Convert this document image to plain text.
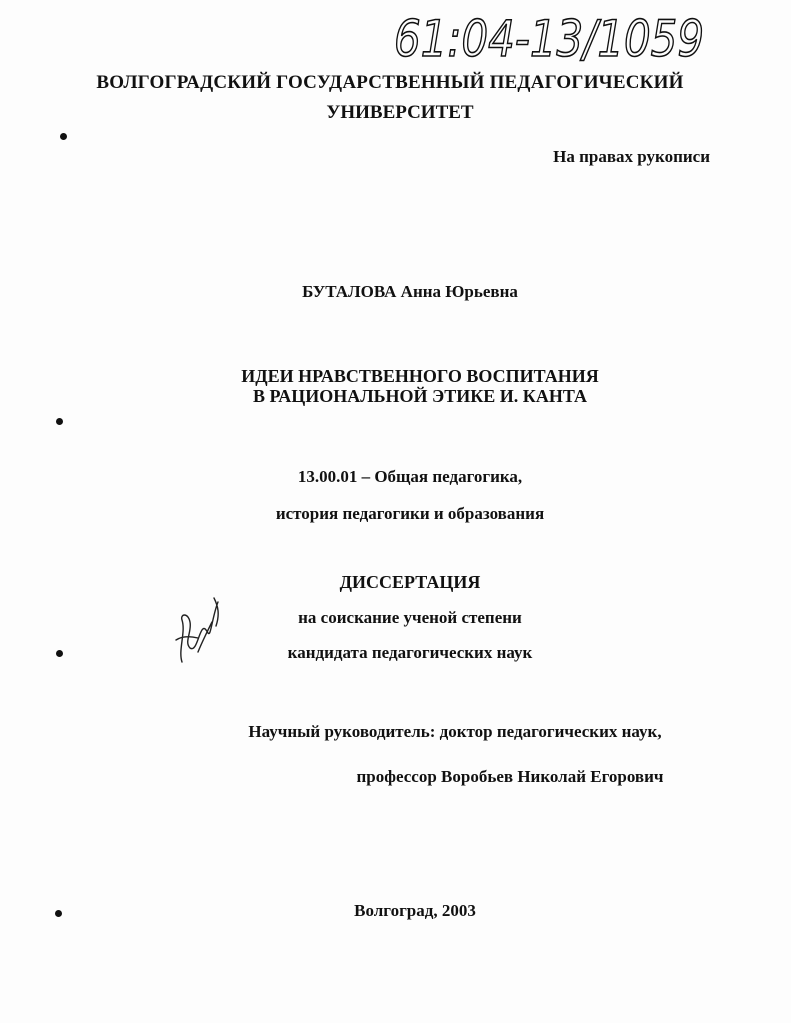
61:04-13/1059
ВОЛГОГРАДСКИЙ ГОСУДАРСТВЕННЫЙ ПЕДАГОГИЧЕСКИЙ
УНИВЕРСИТЕТ
На правах рукописи
БУТАЛОВА Анна Юрьевна
ИДЕИ НРАВСТВЕННОГО ВОСПИТАНИЯ
В РАЦИОНАЛЬНОЙ ЭТИКЕ И. КАНТА
13.00.01 – Общая педагогика,
история педагогики и образования
ДИССЕРТАЦИЯ
на соискание ученой степени
кандидата педагогических наук
Научный руководитель: доктор педагогических наук,
профессор Воробьев Николай Егорович
Волгоград, 2003
